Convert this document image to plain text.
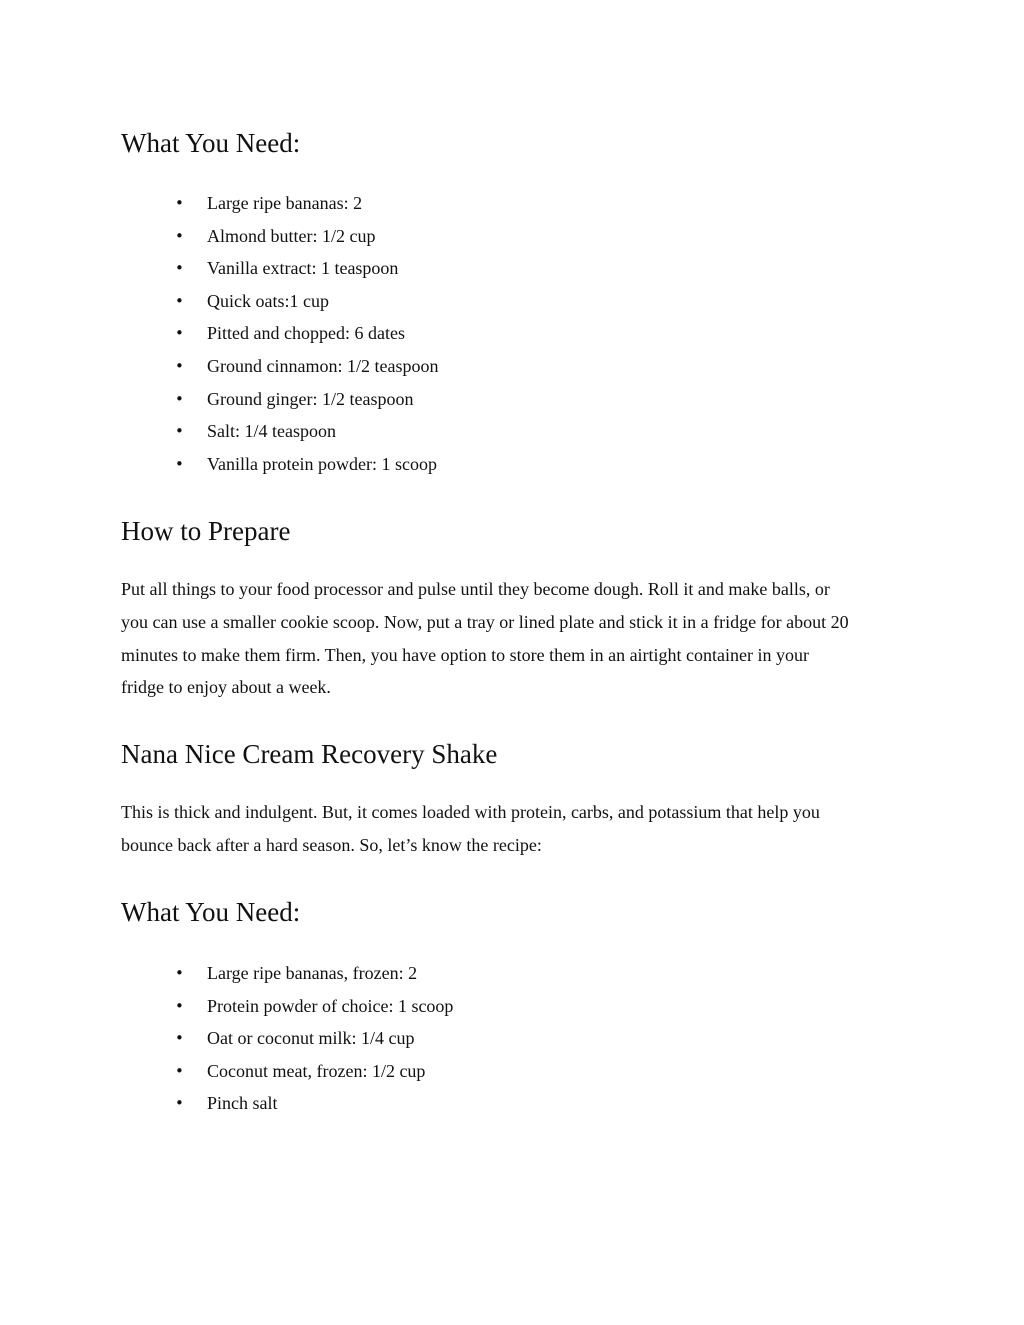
What You Need:
• Large ripe bananas: 2
• Almond butter: 1/2 cup
• Vanilla extract: 1 teaspoon
• Quick oats:1 cup
• Pitted and chopped: 6 dates
• Ground cinnamon: 1/2 teaspoon
• Ground ginger: 1/2 teaspoon
• Salt: 1/4 teaspoon
• Vanilla protein powder: 1 scoop
How to Prepare
Put all things to your food processor and pulse until they become dough. Roll it and make balls, or
you can use a smaller cookie scoop. Now, put a tray or lined plate and stick it in a fridge for about 20
minutes to make them firm. Then, you have option to store them in an airtight container in your
fridge to enjoy about a week.
Nana Nice Cream Recovery Shake
This is thick and indulgent. But, it comes loaded with protein, carbs, and potassium that help you
bounce back after a hard season. So, let’s know the recipe:
What You Need:
• Large ripe bananas, frozen: 2
• Protein powder of choice: 1 scoop
• Oat or coconut milk: 1/4 cup
• Coconut meat, frozen: 1/2 cup
• Pinch salt
